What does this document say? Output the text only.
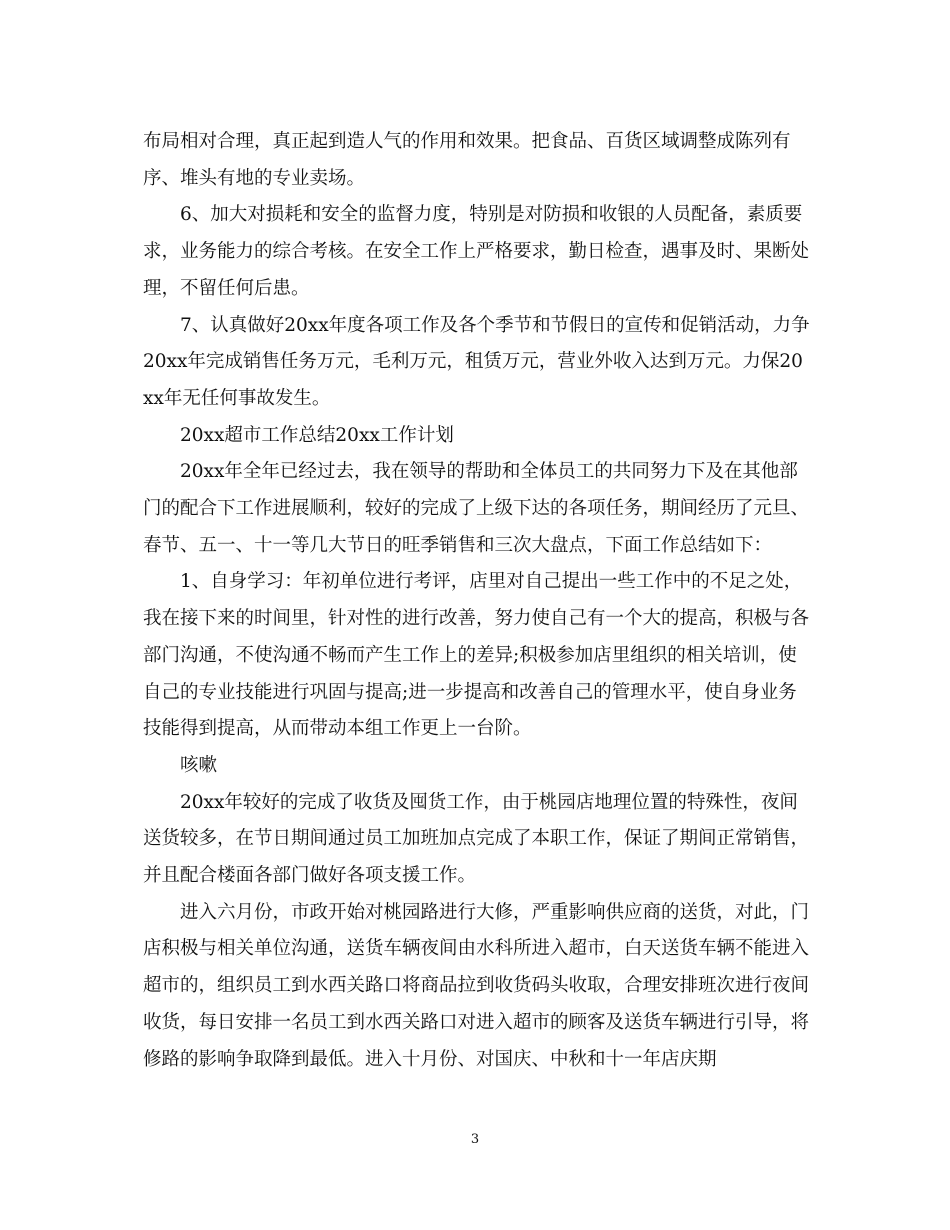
布局相对合理，真正起到造人气的作用和效果。把食品、百货区域调整成陈列有序、堆头有地的专业卖场。

6、加大对损耗和安全的监督力度，特别是对防损和收银的人员配备，素质要求，业务能力的综合考核。在安全工作上严格要求，勤日检查，遇事及时、果断处理，不留任何后患。

7、认真做好20xx年度各项工作及各个季节和节假日的宣传和促销活动，力争20xx年完成销售任务万元，毛利万元，租赁万元，营业外收入达到万元。力保20xx年无任何事故发生。

20xx超市工作总结20xx工作计划

20xx年全年已经过去，我在领导的帮助和全体员工的共同努力下及在其他部门的配合下工作进展顺利，较好的完成了上级下达的各项任务，期间经历了元旦、春节、五一、十一等几大节日的旺季销售和三次大盘点，下面工作总结如下：

1、自身学习：年初单位进行考评，店里对自己提出一些工作中的不足之处，我在接下来的时间里，针对性的进行改善，努力使自己有一个大的提高，积极与各部门沟通，不使沟通不畅而产生工作上的差异;积极参加店里组织的相关培训，使自己的专业技能进行巩固与提高;进一步提高和改善自己的管理水平，使自身业务技能得到提高，从而带动本组工作更上一台阶。

咳嗽

20xx年较好的完成了收货及囤货工作，由于桃园店地理位置的特殊性，夜间送货较多，在节日期间通过员工加班加点完成了本职工作，保证了期间正常销售，并且配合楼面各部门做好各项支援工作。

进入六月份，市政开始对桃园路进行大修，严重影响供应商的送货，对此，门店积极与相关单位沟通，送货车辆夜间由水科所进入超市，白天送货车辆不能进入超市的，组织员工到水西关路口将商品拉到收货码头收取，合理安排班次进行夜间收货，每日安排一名员工到水西关路口对进入超市的顾客及送货车辆进行引导，将修路的影响争取降到最低。进入十月份、对国庆、中秋和十一年店庆期

3
